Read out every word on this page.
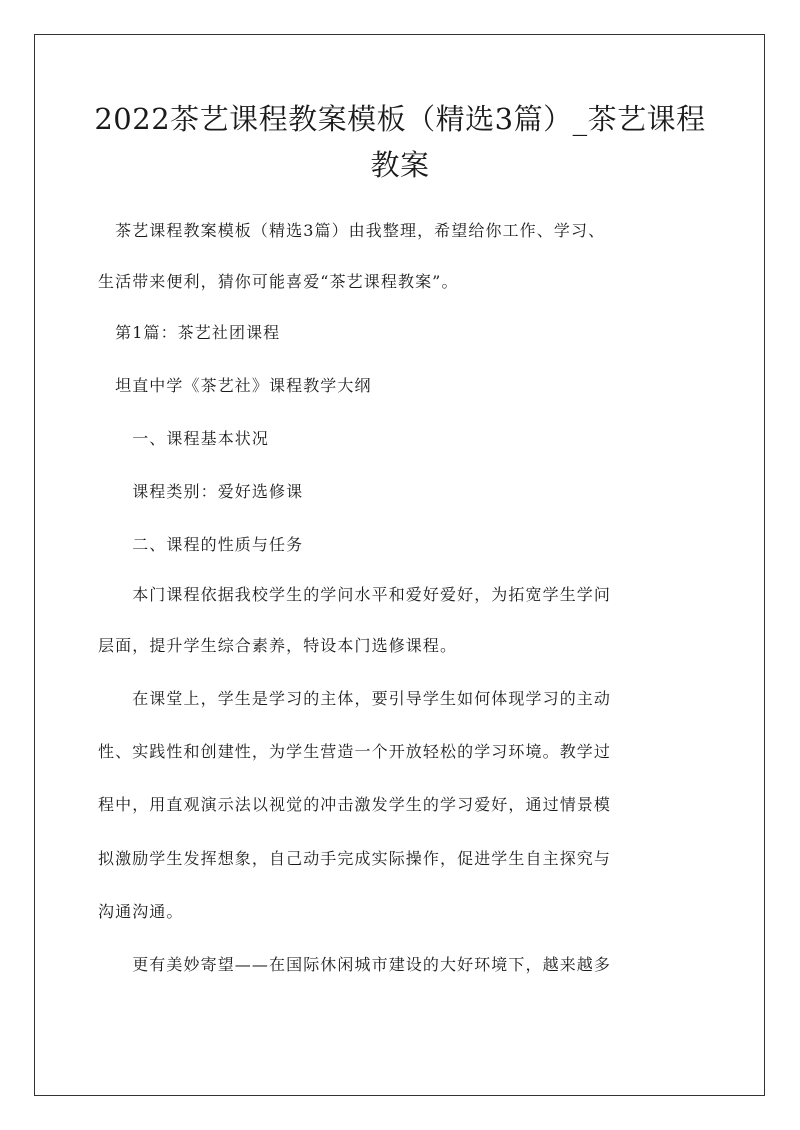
2022茶艺课程教案模板（精选3篇）_茶艺课程
教案

　茶艺课程教案模板（精选3篇）由我整理，希望给你工作、学习、

生活带来便利，猜你可能喜爱“茶艺课程教案”。

　第1篇：茶艺社团课程

　坦直中学《茶艺社》课程教学大纲

　　一、课程基本状况

　　课程类别：爱好选修课

　　二、课程的性质与任务

　　本门课程依据我校学生的学问水平和爱好爱好，为拓宽学生学问

层面，提升学生综合素养，特设本门选修课程。

　　在课堂上，学生是学习的主体，要引导学生如何体现学习的主动

性、实践性和创建性，为学生营造一个开放轻松的学习环境。教学过

程中，用直观演示法以视觉的冲击激发学生的学习爱好，通过情景模

拟激励学生发挥想象，自己动手完成实际操作，促进学生自主探究与

沟通沟通。

　　更有美妙寄望——在国际休闲城市建设的大好环境下，越来越多
